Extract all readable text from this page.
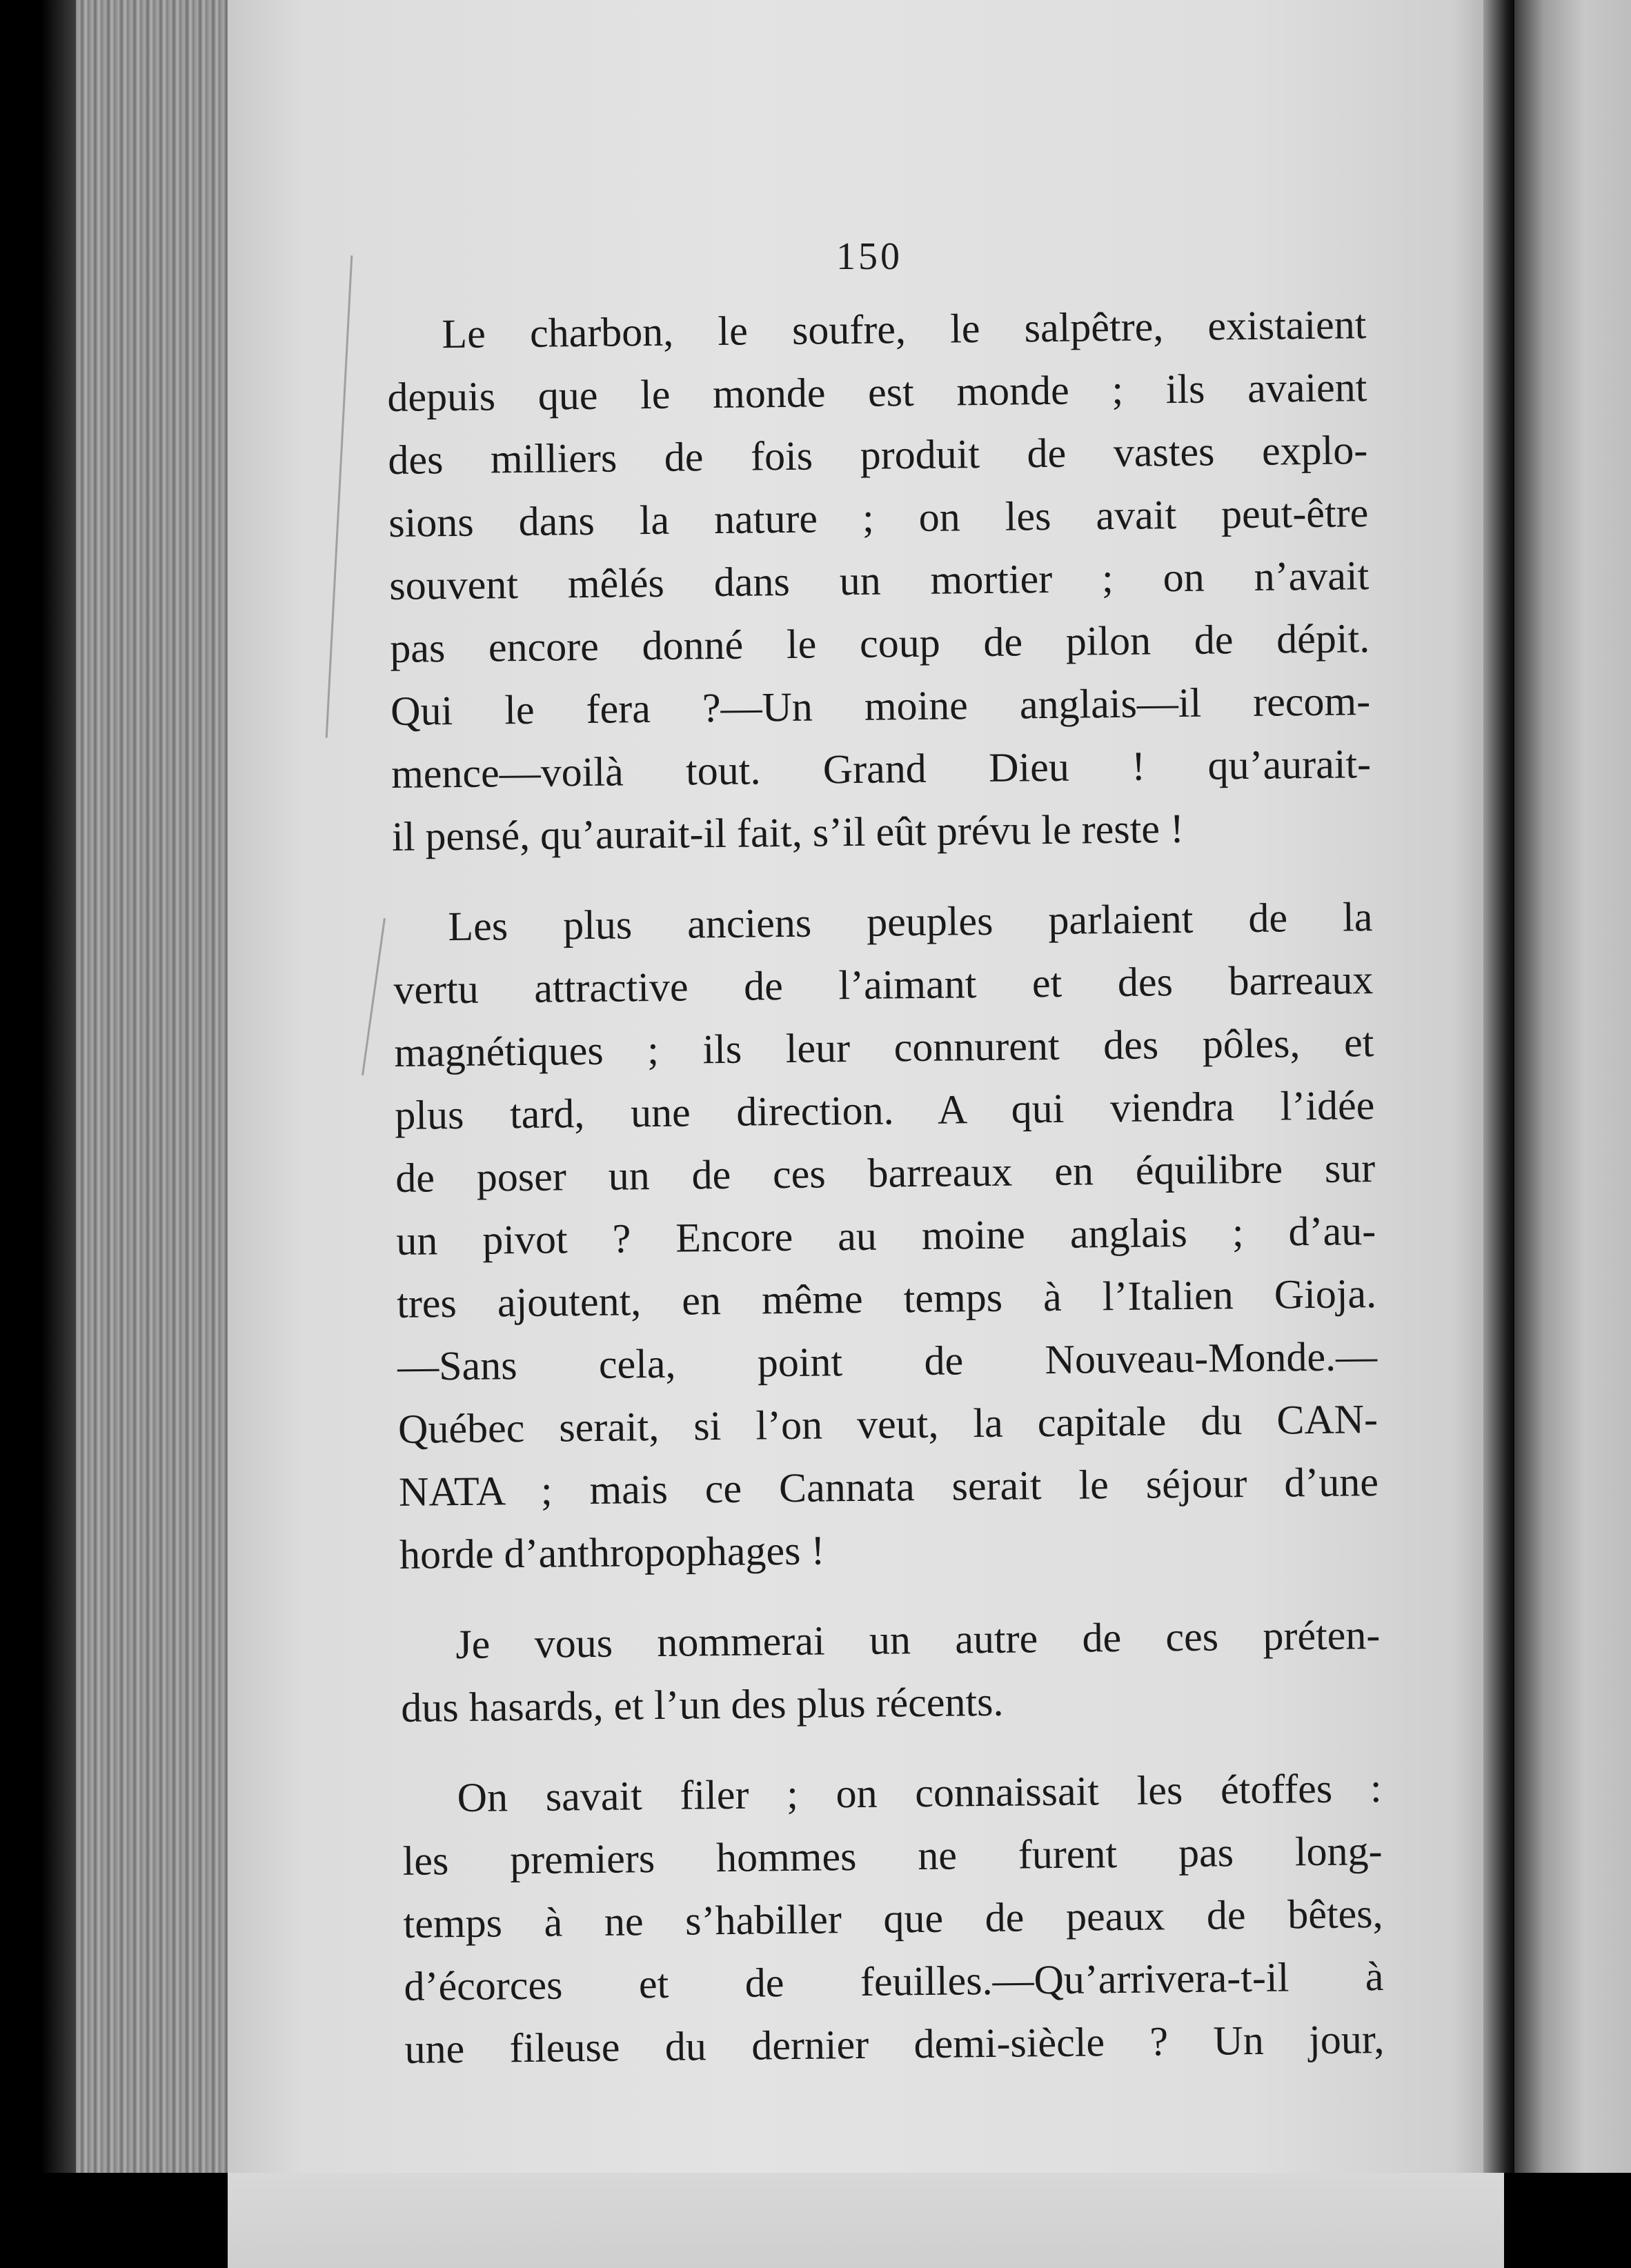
150
Le charbon, le soufre, le salpêtre, existaient
depuis que le monde est monde ; ils avaient
des milliers de fois produit de vastes explo-
sions dans la nature ; on les avait peut-être
souvent mêlés dans un mortier ; on n’avait
pas encore donné le coup de pilon de dépit.
Qui le fera ?—Un moine anglais—il recom-
mence—voilà tout. Grand Dieu ! qu’aurait-
il pensé, qu’aurait-il fait, s’il eût prévu le reste !
Les plus anciens peuples parlaient de la
vertu attractive de l’aimant et des barreaux
magnétiques ; ils leur connurent des pôles, et
plus tard, une direction. A qui viendra l’idée
de poser un de ces barreaux en équilibre sur
un pivot ? Encore au moine anglais ; d’au-
tres ajoutent, en même temps à l’Italien Gioja.
—Sans cela, point de Nouveau-Monde.—
Québec serait, si l’on veut, la capitale du CAN-
NATA ; mais ce Cannata serait le séjour d’une
horde d’anthropophages !
Je vous nommerai un autre de ces préten-
dus hasards, et l’un des plus récents.
On savait filer ; on connaissait les étoffes :
les premiers hommes ne furent pas long-
temps à ne s’habiller que de peaux de bêtes,
d’écorces et de feuilles.—Qu’arrivera-t-il à
une fileuse du dernier demi-siècle ? Un jour,
